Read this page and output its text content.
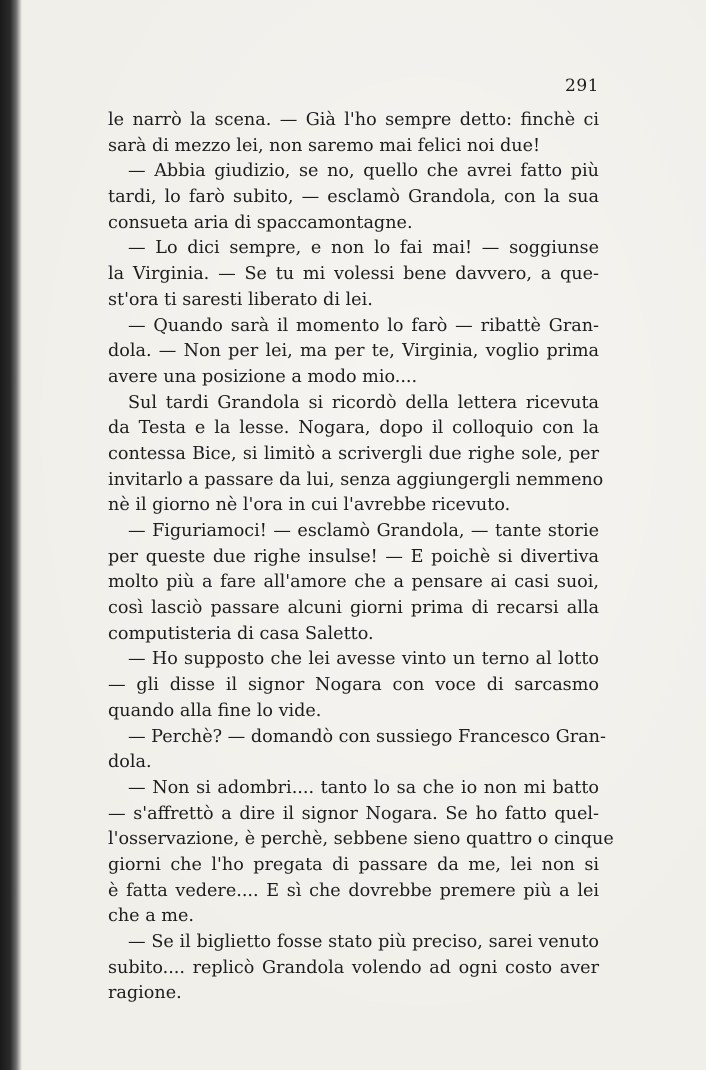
291
le narrò la scena. — Già l'ho sempre detto: finchè ci
sarà di mezzo lei, non saremo mai felici noi due!
— Abbia giudizio, se no, quello che avrei fatto più
tardi, lo farò subito, — esclamò Grandola, con la sua
consueta aria di spaccamontagne.
— Lo dici sempre, e non lo fai mai! — soggiunse
la Virginia. — Se tu mi volessi bene davvero, a que-
st'ora ti saresti liberato di lei.
— Quando sarà il momento lo farò — ribattè Gran-
dola. — Non per lei, ma per te, Virginia, voglio prima
avere una posizione a modo mio....
Sul tardi Grandola si ricordò della lettera ricevuta
da Testa e la lesse. Nogara, dopo il colloquio con la
contessa Bice, si limitò a scrivergli due righe sole, per
invitarlo a passare da lui, senza aggiungergli nemmeno
nè il giorno nè l'ora in cui l'avrebbe ricevuto.
— Figuriamoci! — esclamò Grandola, — tante storie
per queste due righe insulse! — E poichè si divertiva
molto più a fare all'amore che a pensare ai casi suoi,
così lasciò passare alcuni giorni prima di recarsi alla
computisteria di casa Saletto.
— Ho supposto che lei avesse vinto un terno al lotto
— gli disse il signor Nogara con voce di sarcasmo
quando alla fine lo vide.
— Perchè? — domandò con sussiego Francesco Gran-
dola.
— Non si adombri.... tanto lo sa che io non mi batto
— s'affrettò a dire il signor Nogara. Se ho fatto quel-
l'osservazione, è perchè, sebbene sieno quattro o cinque
giorni che l'ho pregata di passare da me, lei non si
è fatta vedere.... E sì che dovrebbe premere più a lei
che a me.
— Se il biglietto fosse stato più preciso, sarei venuto
subito.... replicò Grandola volendo ad ogni costo aver
ragione.
